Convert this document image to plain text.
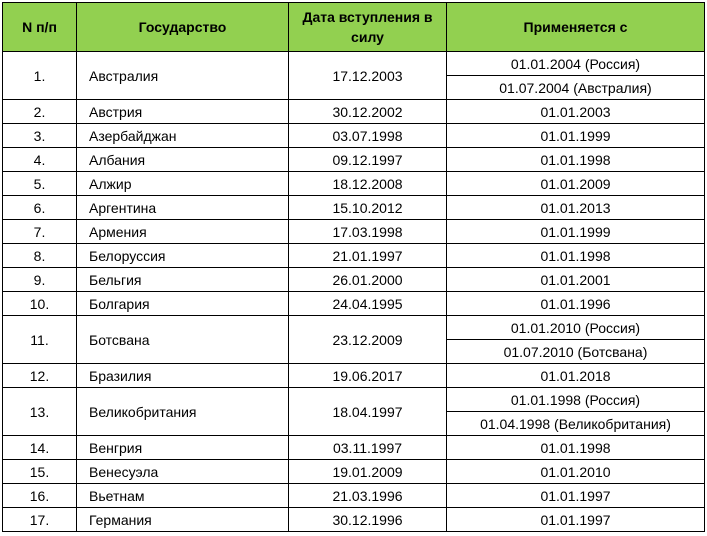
N п/п	Государство	Дата вступления в силу	Применяется с
1.	Австралия	17.12.2003	01.01.2004 (Россия)
			01.07.2004 (Австралия)
2.	Австрия	30.12.2002	01.01.2003
3.	Азербайджан	03.07.1998	01.01.1999
4.	Албания	09.12.1997	01.01.1998
5.	Алжир	18.12.2008	01.01.2009
6.	Аргентина	15.10.2012	01.01.2013
7.	Армения	17.03.1998	01.01.1999
8.	Белоруссия	21.01.1997	01.01.1998
9.	Бельгия	26.01.2000	01.01.2001
10.	Болгария	24.04.1995	01.01.1996
11.	Ботсвана	23.12.2009	01.01.2010 (Россия)
			01.07.2010 (Ботсвана)
12.	Бразилия	19.06.2017	01.01.2018
13.	Великобритания	18.04.1997	01.01.1998 (Россия)
			01.04.1998 (Великобритания)
14.	Венгрия	03.11.1997	01.01.1998
15.	Венесуэла	19.01.2009	01.01.2010
16.	Вьетнам	21.03.1996	01.01.1997
17.	Германия	30.12.1996	01.01.1997
